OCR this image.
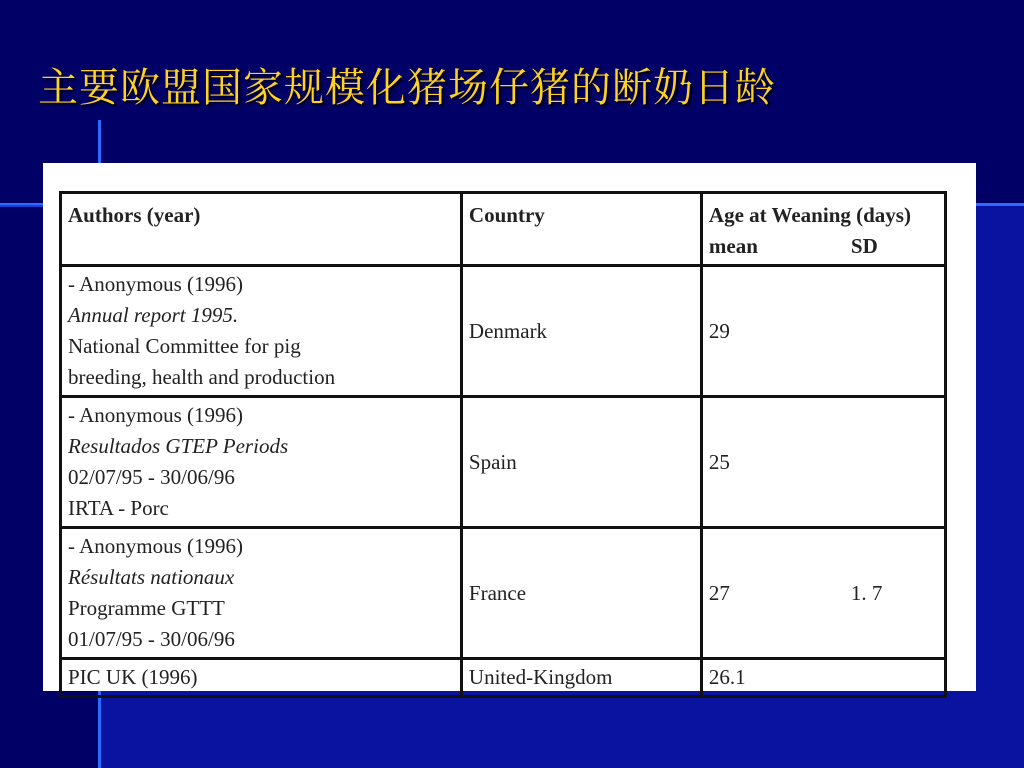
主要欧盟国家规模化猪场仔猪的断奶日龄
Authors (year)	Country	Age at Weaning (days)
mean SD

- Anonymous (1996)
Annual report 1995.
National Committee for pig
breeding, health and production	Denmark	29

- Anonymous (1996)
Resultados GTEP Periods
02/07/95 - 30/06/96
IRTA - Porc	Spain	25

- Anonymous (1996)
Résultats nationaux
Programme GTTT
01/07/95 - 30/06/96	France	27 1. 7

PIC UK (1996)	United-Kingdom	26.1
